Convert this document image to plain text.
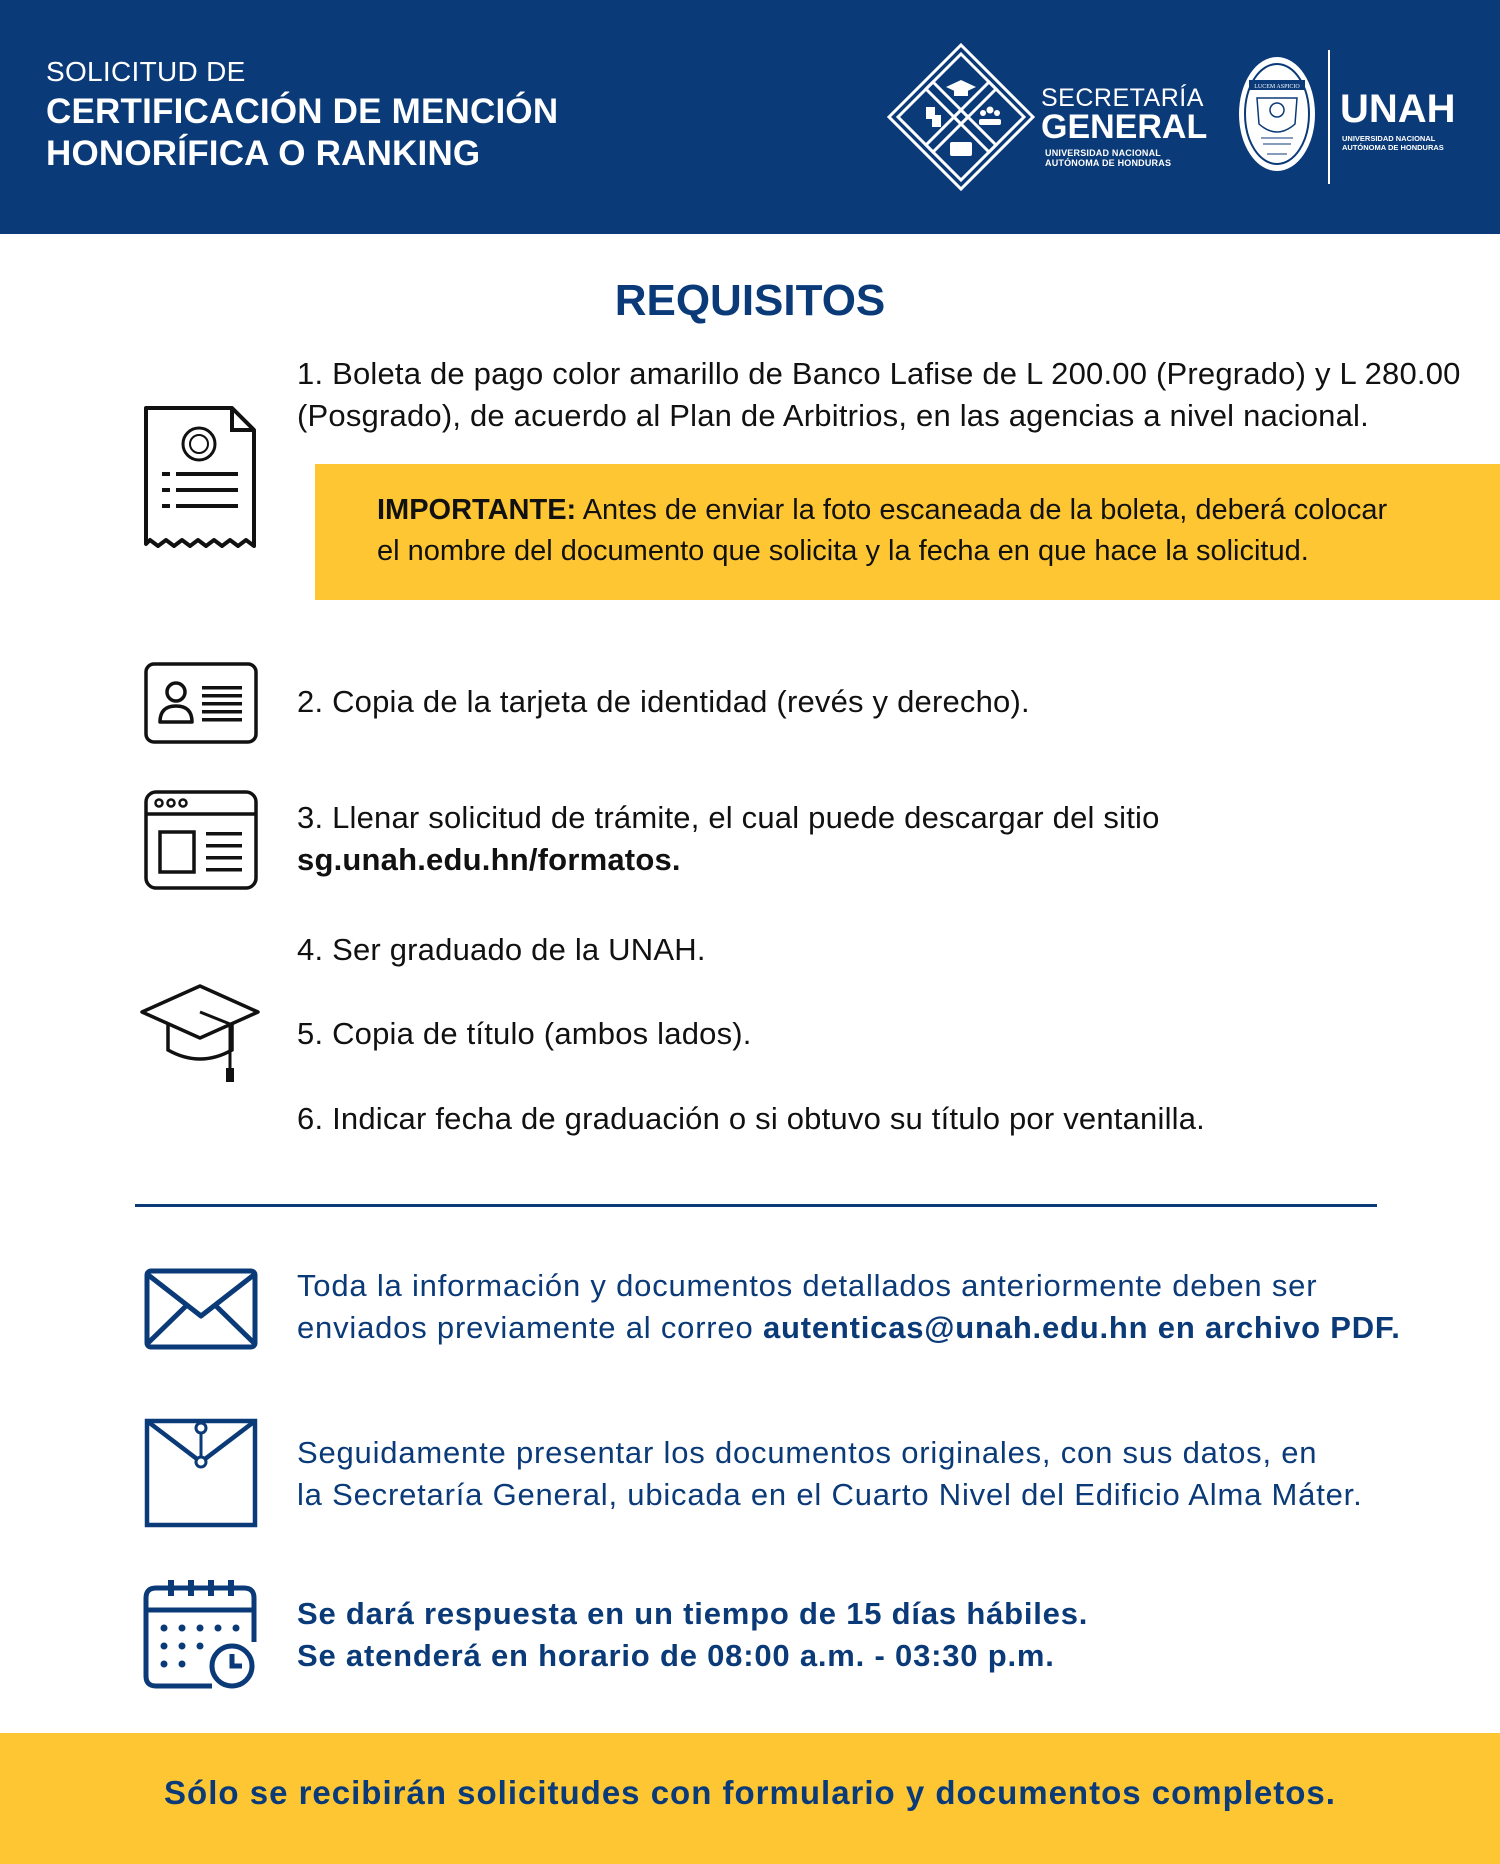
SOLICITUD DE
CERTIFICACIÓN DE MENCIÓN
HONORÍFICA O RANKING
SECRETARÍA
GENERAL
UNIVERSIDAD NACIONAL
AUTÓNOMA DE HONDURAS
LUCEM ASPICIO UNAH
UNIVERSIDAD NACIONAL
AUTÓNOMA DE HONDURAS
REQUISITOS
1. Boleta de pago color amarillo de Banco Lafise de L 200.00 (Pregrado) y L 280.00
(Posgrado), de acuerdo al Plan de Arbitrios, en las agencias a nivel nacional.
IMPORTANTE: Antes de enviar la foto escaneada de la boleta, deberá colocar
el nombre del documento que solicita y la fecha en que hace la solicitud.
2. Copia de la tarjeta de identidad (revés y derecho).
3. Llenar solicitud de trámite, el cual puede descargar del sitio
sg.unah.edu.hn/formatos.
4. Ser graduado de la UNAH.
5. Copia de título (ambos lados).
6. Indicar fecha de graduación o si obtuvo su título por ventanilla.
Toda la información y documentos detallados anteriormente deben ser
enviados previamente al correo autenticas@unah.edu.hn en archivo PDF.
Seguidamente presentar los documentos originales, con sus datos, en
la Secretaría General, ubicada en el Cuarto Nivel del Edificio Alma Máter.
Se dará respuesta en un tiempo de 15 días hábiles.
Se atenderá en horario de 08:00 a.m. - 03:30 p.m.
Sólo se recibirán solicitudes con formulario y documentos completos.
